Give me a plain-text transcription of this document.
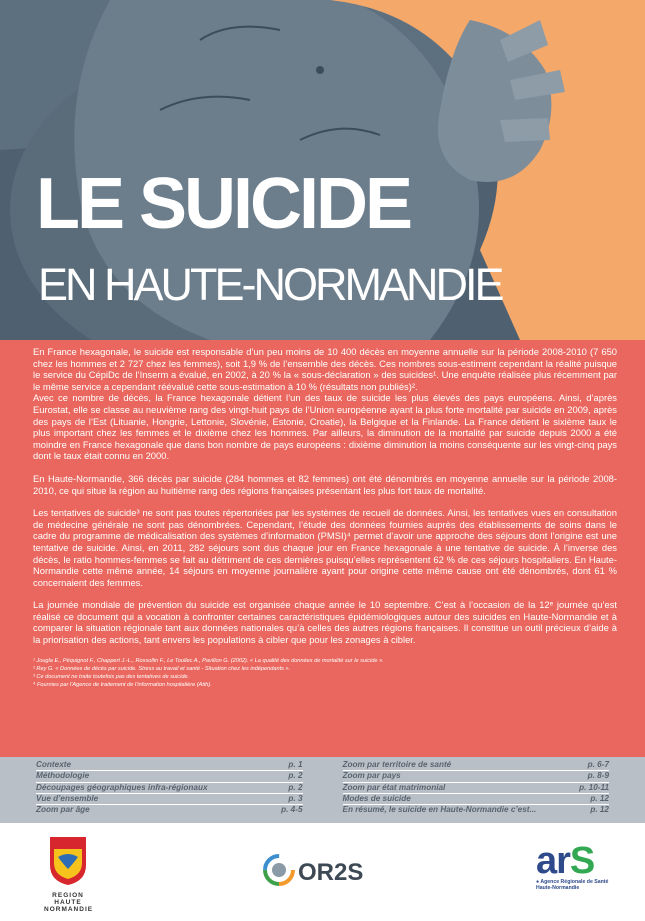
LE SUICIDE
EN HAUTE-NORMANDIE

En France hexagonale, le suicide est responsable d’un peu moins de 10 400 décès en moyenne annuelle sur la période 2008-2010 (7 650 chez les hommes et 2 727 chez les femmes), soit 1,9 % de l’ensemble des décès. Ces nombres sous-estiment cependant la réalité puisque le service du CépiDc de l’Inserm a évalué, en 2002, à 20 % la « sous-déclaration » des suicides¹. Une enquête réalisée plus récemment par le même service a cependant réévalué cette sous-estimation à 10 % (résultats non publiés)².

Avec ce nombre de décès, la France hexagonale détient l’un des taux de suicide les plus élevés des pays européens. Ainsi, d’après Eurostat, elle se classe au neuvième rang des vingt-huit pays de l’Union européenne ayant la plus forte mortalité par suicide en 2009, après des pays de l’Est (Lituanie, Hongrie, Lettonie, Slovénie, Estonie, Croatie), la Belgique et la Finlande. La France détient le sixième taux le plus important chez les femmes et le dixième chez les hommes. Par ailleurs, la diminution de la mortalité par suicide depuis 2000 a été moindre en France hexagonale que dans bon nombre de pays européens : dixième diminution la moins conséquente sur les vingt-cinq pays dont le taux était connu en 2000.

En Haute-Normandie, 366 décès par suicide (284 hommes et 82 femmes) ont été dénombrés en moyenne annuelle sur la période 2008-2010, ce qui situe la région au huitième rang des régions françaises présentant les plus fort taux de mortalité.

Les tentatives de suicide³ ne sont pas toutes répertoriées par les systèmes de recueil de données. Ainsi, les tentatives vues en consultation de médecine générale ne sont pas dénombrées. Cependant, l’étude des données fournies auprès des établissements de soins dans le cadre du programme de médicalisation des systèmes d’information (PMSI)⁴ permet d’avoir une approche des séjours dont l’origine est une tentative de suicide. Ainsi, en 2011, 282 séjours sont dus chaque jour en France hexagonale à une tentative de suicide. À l’inverse des décès, le ratio hommes-femmes se fait au détriment de ces dernières puisqu’elles représentent 62 % de ces séjours hospitaliers. En Haute-Normandie cette même année, 14 séjours en moyenne journalière ayant pour origine cette même cause ont été dénombrés, dont 61 % concernaient des femmes.

La journée mondiale de prévention du suicide est organisée chaque année le 10 septembre. C’est à l’occasion de la 12ᵉ journée qu’est réalisé ce document qui a vocation à confronter certaines caractéristiques épidémiologiques autour des suicides en Haute-Normandie et à comparer la situation régionale tant aux données nationales qu’à celles des autres régions françaises. Il constitue un outil précieux d’aide à la priorisation des actions, tant envers les populations à cibler que pour les zonages à cibler.

¹ Jougla E., Péquignot F., Chappert J.-L., Rossollin F., Le Toullec A., Pavillon G. (2002). « La qualité des données de mortalité sur le suicide ».
² Rey G. « Données de décès par suicide. Stress au travail et santé - Situation chez les indépendants ».
³ Ce document ne traite toutefois pas des tentatives de suicide.
⁴ Fournies par l’Agence de traitement de l’information hospitalière (Atih).
Contexte	p. 1
Méthodologie	p. 2
Découpages géographiques infra-régionaux	p. 2
Vue d’ensemble	p. 3
Zoom par âge	p. 4-5
Zoom par territoire de santé	p. 6-7
Zoom par pays	p. 8-9
Zoom par état matrimonial	p. 10-11
Modes de suicide	p. 12
En résumé, le suicide en Haute-Normandie c’est...	p. 12
REGION
HAUTE
NORMANDIE
OR2S	arS
● Agence Régionale de Santé
Haute-Normandie
